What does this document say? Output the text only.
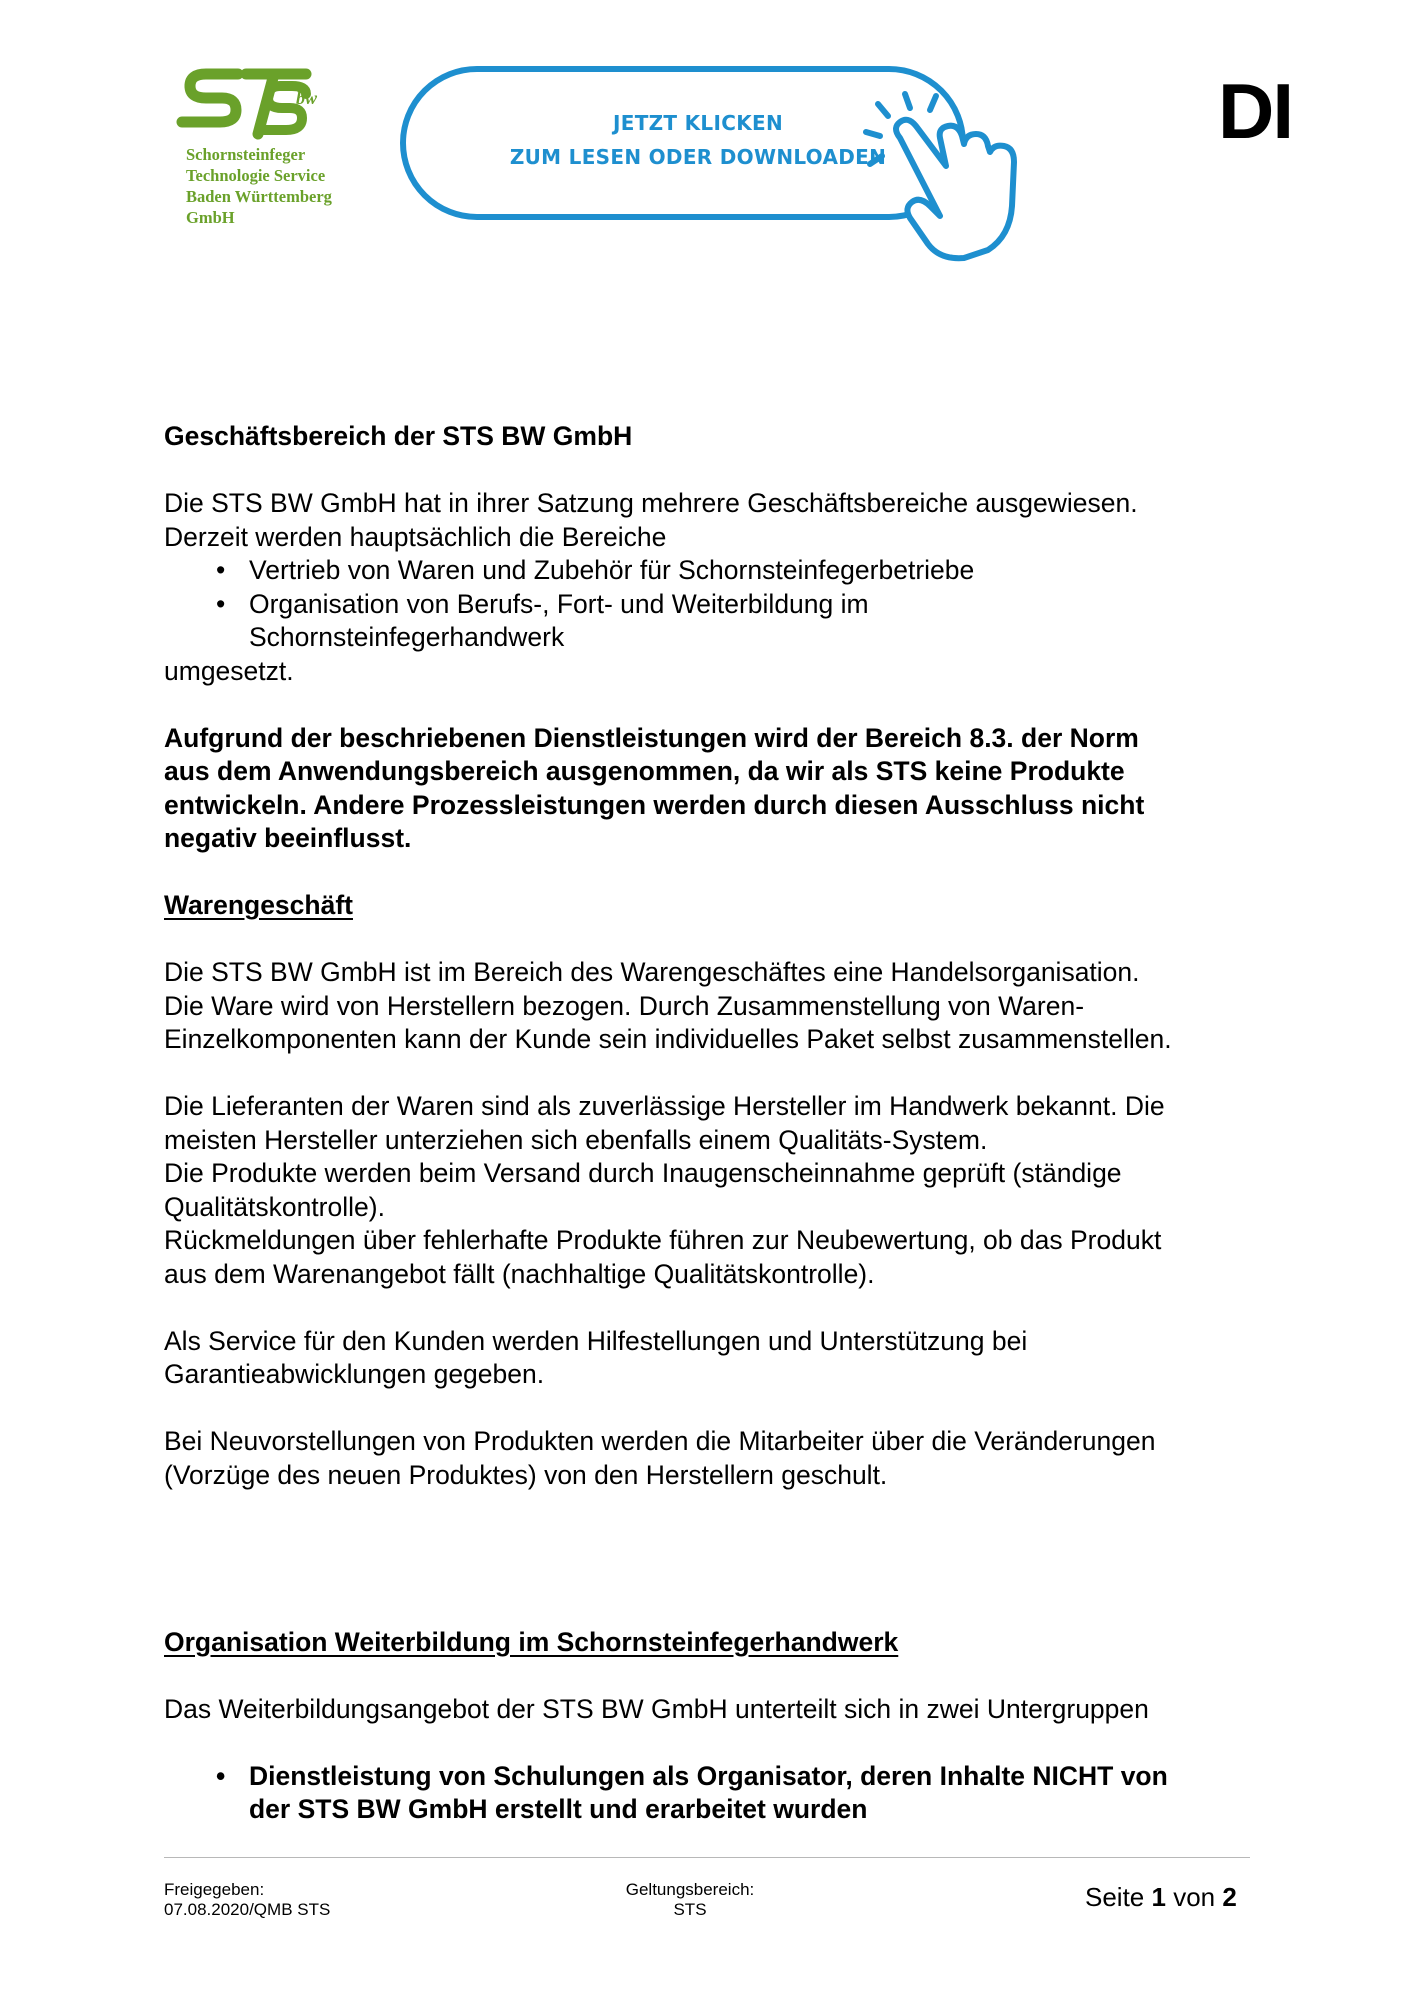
bw
Schornsteinfeger
Technologie Service
Baden Württemberg
GmbH
JETZT KLICKEN
ZUM LESEN ODER DOWNLOADEN
DI

Geschäftsbereich der STS BW GmbH

Die STS BW GmbH hat in ihrer Satzung mehrere Geschäftsbereiche ausgewiesen.

Derzeit werden hauptsächlich die Bereiche

• Vertrieb von Waren und Zubehör für Schornsteinfegerbetriebe
• Organisation von Berufs-, Fort- und Weiterbildung im
Schornsteinfegerhandwerk

umgesetzt.

Aufgrund der beschriebenen Dienstleistungen wird der Bereich 8.3. der Norm

aus dem Anwendungsbereich ausgenommen, da wir als STS keine Produkte

entwickeln. Andere Prozessleistungen werden durch diesen Ausschluss nicht

negativ beeinflusst.

Warengeschäft

Die STS BW GmbH ist im Bereich des Warengeschäftes eine Handelsorganisation.

Die Ware wird von Herstellern bezogen. Durch Zusammenstellung von Waren-

Einzelkomponenten kann der Kunde sein individuelles Paket selbst zusammenstellen.

Die Lieferanten der Waren sind als zuverlässige Hersteller im Handwerk bekannt. Die

meisten Hersteller unterziehen sich ebenfalls einem Qualitäts-System.

Die Produkte werden beim Versand durch Inaugenscheinnahme geprüft (ständige

Qualitätskontrolle).

Rückmeldungen über fehlerhafte Produkte führen zur Neubewertung, ob das Produkt

aus dem Warenangebot fällt (nachhaltige Qualitätskontrolle).

Als Service für den Kunden werden Hilfestellungen und Unterstützung bei

Garantieabwicklungen gegeben.

Bei Neuvorstellungen von Produkten werden die Mitarbeiter über die Veränderungen

(Vorzüge des neuen Produktes) von den Herstellern geschult.

Organisation Weiterbildung im Schornsteinfegerhandwerk

Das Weiterbildungsangebot der STS BW GmbH unterteilt sich in zwei Untergruppen

• Dienstleistung von Schulungen als Organisator, deren Inhalte NICHT von
der STS BW GmbH erstellt und erarbeitet wurden
Freigegeben:
07.08.2020/QMB STS
Geltungsbereich:
STS	Seite 1 von 2
